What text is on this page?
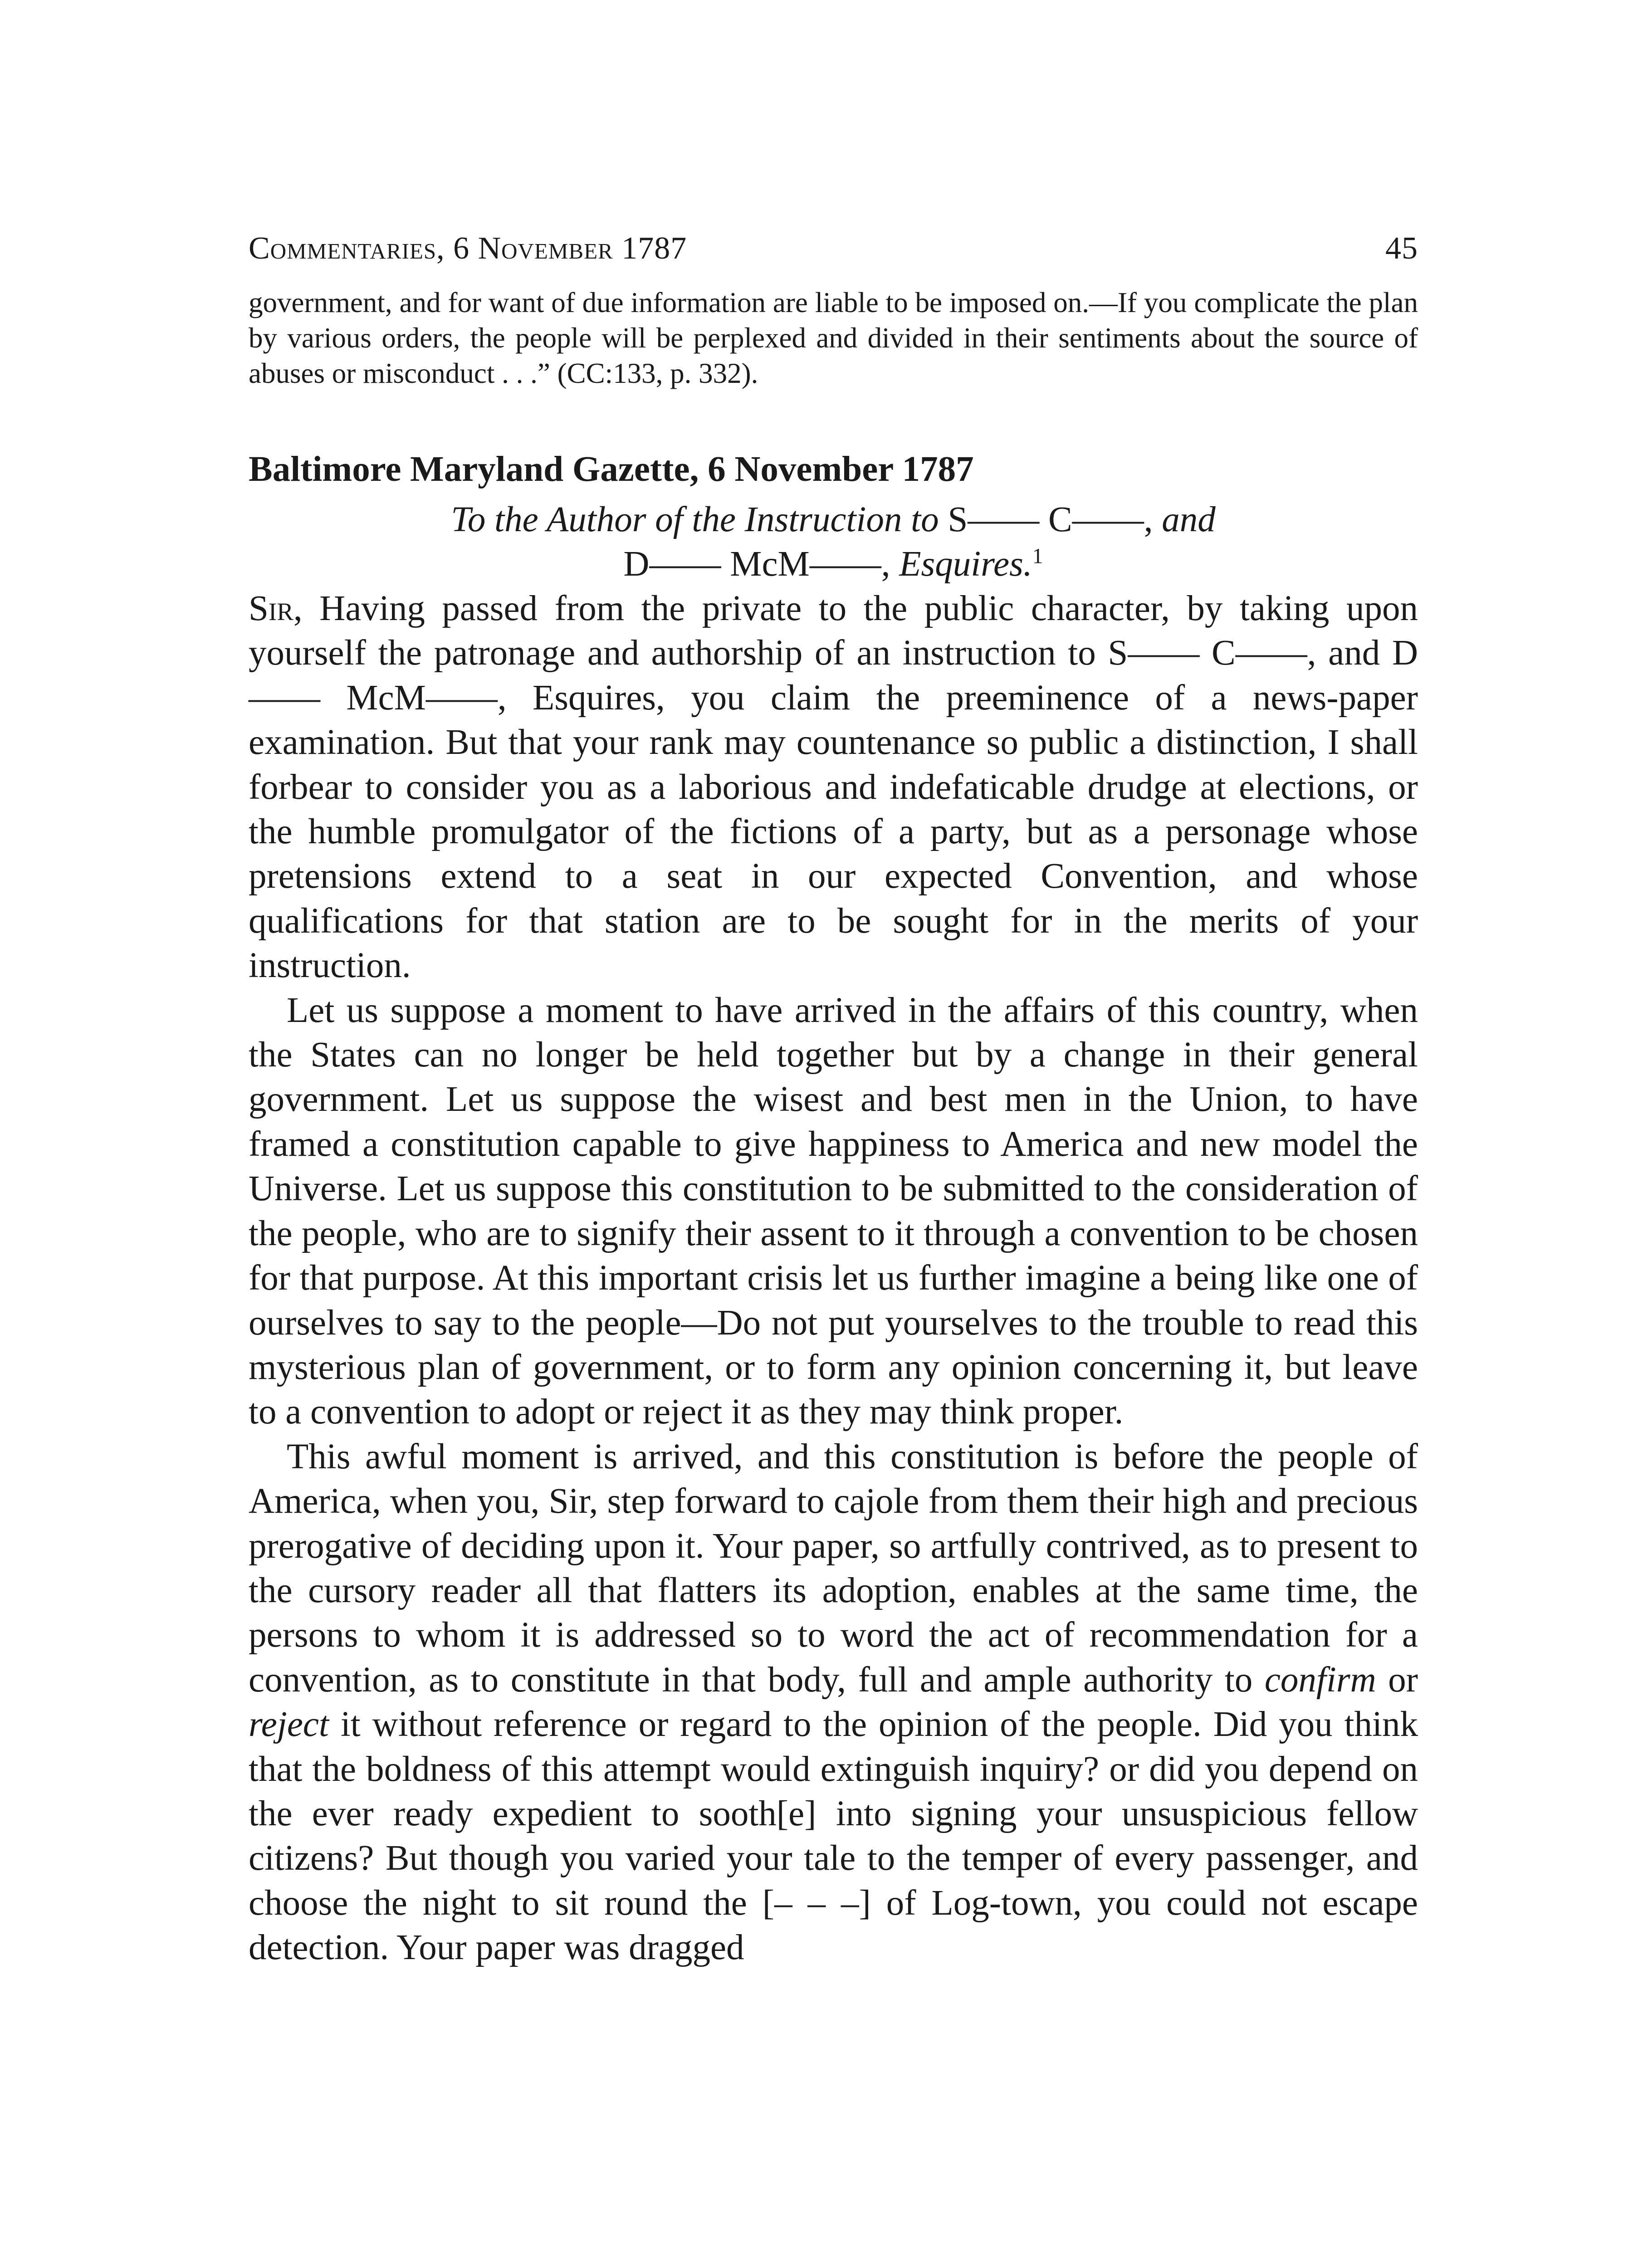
Commentaries, 6 November 1787	45

government, and for want of due information are liable to be imposed on.—If you complicate the plan by various orders, the people will be perplexed and divided in their sentiments about the source of abuses or misconduct . . .” (CC:133, p. 332).

Baltimore Maryland Gazette, 6 November 1787
To the Author of the Instruction to S—— C——, and
D—— McM——, Esquires.$^1$

Sir, Having passed from the private to the public character, by taking upon yourself the patronage and authorship of an instruction to S—— C——, and D—— McM——, Esquires, you claim the preeminence of a news-paper examination. But that your rank may countenance so public a distinction, I shall forbear to consider you as a laborious and indefaticable drudge at elections, or the humble promulgator of the fictions of a party, but as a personage whose pretensions extend to a seat in our expected Convention, and whose qualifications for that station are to be sought for in the merits of your instruction.

Let us suppose a moment to have arrived in the affairs of this country, when the States can no longer be held together but by a change in their general government. Let us suppose the wisest and best men in the Union, to have framed a constitution capable to give happiness to America and new model the Universe. Let us suppose this constitution to be submitted to the consideration of the people, who are to signify their assent to it through a convention to be chosen for that purpose. At this important crisis let us further imagine a being like one of ourselves to say to the people—Do not put yourselves to the trouble to read this mysterious plan of government, or to form any opinion concerning it, but leave to a convention to adopt or reject it as they may think proper.

This awful moment is arrived, and this constitution is before the people of America, when you, Sir, step forward to cajole from them their high and precious prerogative of deciding upon it. Your paper, so artfully contrived, as to present to the cursory reader all that flatters its adoption, enables at the same time, the persons to whom it is addressed so to word the act of recommendation for a convention, as to constitute in that body, full and ample authority to confirm or reject it without reference or regard to the opinion of the people. Did you think that the boldness of this attempt would extinguish inquiry? or did you depend on the ever ready expedient to sooth[e] into signing your unsuspicious fellow citizens? But though you varied your tale to the temper of every passenger, and choose the night to sit round the [– – –] of Log-town, you could not escape detection. Your paper was dragged
